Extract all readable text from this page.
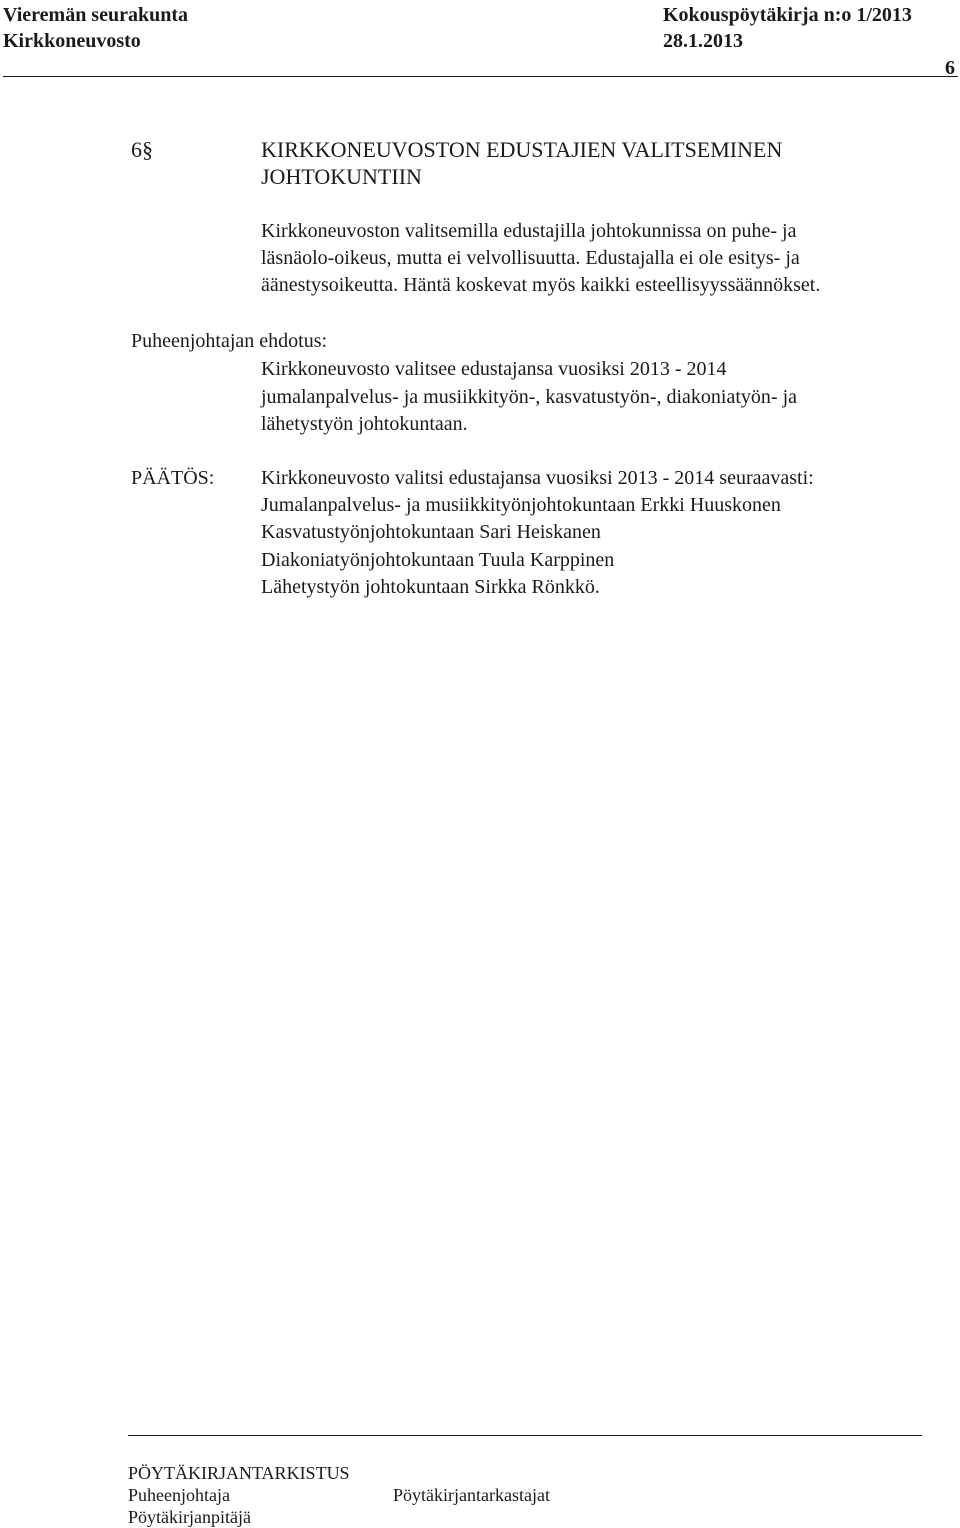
Vieremän seurakunta	Kokouspöytäkirja n:o 1/2013
Kirkkoneuvosto	28.1.2013
6
6§	KIRKKONEUVOSTON EDUSTAJIEN VALITSEMINEN
JOHTOKUNTIIN
Kirkkoneuvoston valitsemilla edustajilla johtokunnissa on puhe- ja
läsnäolo-oikeus, mutta ei velvollisuutta. Edustajalla ei ole esitys- ja
äänestysoikeutta. Häntä koskevat myös kaikki esteellisyyssäännökset.
Puheenjohtajan ehdotus:
Kirkkoneuvosto valitsee edustajansa vuosiksi 2013 - 2014
jumalanpalvelus- ja musiikkityön-, kasvatustyön-, diakoniatyön- ja
lähetystyön johtokuntaan.
PÄÄTÖS: Kirkkoneuvosto valitsi edustajansa vuosiksi 2013 - 2014 seuraavasti:
Jumalanpalvelus- ja musiikkityönjohtokuntaan Erkki Huuskonen
Kasvatustyönjohtokuntaan Sari Heiskanen
Diakoniatyönjohtokuntaan Tuula Karppinen
Lähetystyön johtokuntaan Sirkka Rönkkö.
PÖYTÄKIRJANTARKISTUS
Puheenjohtaja	Pöytäkirjantarkastajat
Pöytäkirjanpitäjä
